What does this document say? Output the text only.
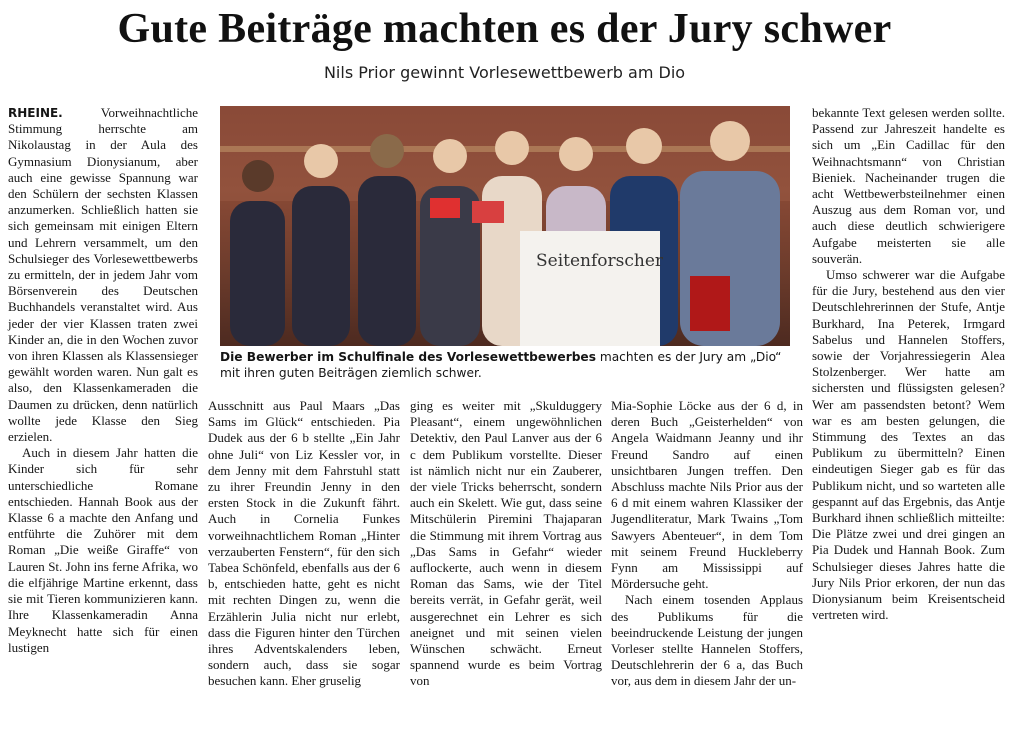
Gute Beiträge machten es der Jury schwer
Nils Prior gewinnt Vorlesewettbewerb am Dio

RHEINE. Vorweihnachtliche Stimmung herrschte am Nikolaustag in der Aula des Gymnasium Dionysianum, aber auch eine gewisse Spannung war den Schülern der sechsten Klassen anzumerken. Schließlich hatten sie sich gemeinsam mit einigen Eltern und Lehrern versammelt, um den Schulsieger des Vorlesewettbewerbs zu ermitteln, der in jedem Jahr vom Börsenverein des Deutschen Buchhandels veranstaltet wird. Aus jeder der vier Klassen traten zwei Kinder an, die in den Wochen zuvor von ihren Klassen als Klassensieger gewählt worden waren. Nun galt es also, den Klassenkameraden die Daumen zu drücken, denn natürlich wollte jede Klasse den Sieg erzielen.

Auch in diesem Jahr hatten die Kinder sich für sehr unterschiedliche Romane entschieden. Hannah Book aus der Klasse 6 a machte den Anfang und entführte die Zuhörer mit dem Roman „Die weiße Giraffe“ von Lauren St. John ins ferne Afrika, wo die elfjährige Martine erkennt, dass sie mit Tieren kommunizieren kann. Ihre Klassenkameradin Anna Meyknecht hatte sich für einen lustigen

Seitenforscher
Die Bewerber im Schulfinale des Vorlesewettbewerbes machten es der Jury am „Dio“ mit ihren guten Beiträgen ziemlich schwer.

Ausschnitt aus Paul Maars „Das Sams im Glück“ entschieden. Pia Dudek aus der 6 b stellte „Ein Jahr ohne Juli“ von Liz Kessler vor, in dem Jenny mit dem Fahrstuhl statt zu ihrer Freundin Jenny in den ersten Stock in die Zukunft fährt. Auch in Cornelia Funkes vorweihnachtlichem Roman „Hinter verzauberten Fenstern“, für den sich Tabea Schönfeld, ebenfalls aus der 6 b, entschieden hatte, geht es nicht mit rechten Dingen zu, wenn die Erzählerin Julia nicht nur erlebt, dass die Figuren hinter den Türchen ihres Adventskalenders leben, sondern auch, dass sie sogar besuchen kann. Eher gruselig

ging es weiter mit „Skulduggery Pleasant“, einem ungewöhnlichen Detektiv, den Paul Lanver aus der 6 c dem Publikum vorstellte. Dieser ist nämlich nicht nur ein Zauberer, der viele Tricks beherrscht, sondern auch ein Skelett. Wie gut, dass seine Mitschülerin Piremini Thajaparan die Stimmung mit ihrem Vortrag aus „Das Sams in Gefahr“ wieder auflockerte, auch wenn in diesem Roman das Sams, wie der Titel bereits verrät, in Gefahr gerät, weil ausgerechnet ein Lehrer es sich aneignet und mit seinen vielen Wünschen schwächt. Erneut spannend wurde es beim Vortrag von

Mia-Sophie Löcke aus der 6 d, in deren Buch „Geisterhelden“ von Angela Waidmann Jeanny und ihr Freund Sandro auf einen unsichtbaren Jungen treffen. Den Abschluss machte Nils Prior aus der 6 d mit einem wahren Klassiker der Jugendliteratur, Mark Twains „Tom Sawyers Abenteuer“, in dem Tom mit seinem Freund Huckleberry Fynn am Mississippi auf Mördersuche geht.

Nach einem tosenden Applaus des Publikums für die beeindruckende Leistung der jungen Vorleser stellte Hannelen Stoffers, Deutschlehrerin der 6 a, das Buch vor, aus dem in diesem Jahr der un-

bekannte Text gelesen werden sollte. Passend zur Jahreszeit handelte es sich um „Ein Cadillac für den Weihnachtsmann“ von Christian Bieniek. Nacheinander trugen die acht Wettbewerbsteilnehmer einen Auszug aus dem Roman vor, und auch diese deutlich schwierigere Aufgabe meisterten sie alle souverän.

Umso schwerer war die Aufgabe für die Jury, bestehend aus den vier Deutschlehrerinnen der Stufe, Antje Burkhard, Ina Peterek, Irmgard Sabelus und Hannelen Stoffers, sowie der Vorjahressiegerin Alea Stolzenberger. Wer hatte am sichersten und flüssigsten gelesen? Wer am passendsten betont? Wem war es am besten gelungen, die Stimmung des Textes an das Publikum zu übermitteln? Einen eindeutigen Sieger gab es für das Publikum nicht, und so warteten alle gespannt auf das Ergebnis, das Antje Burkhard ihnen schließlich mitteilte: Die Plätze zwei und drei gingen an Pia Dudek und Hannah Book. Zum Schulsieger dieses Jahres hatte die Jury Nils Prior erkoren, der nun das Dionysianum beim Kreisentscheid vertreten wird.
